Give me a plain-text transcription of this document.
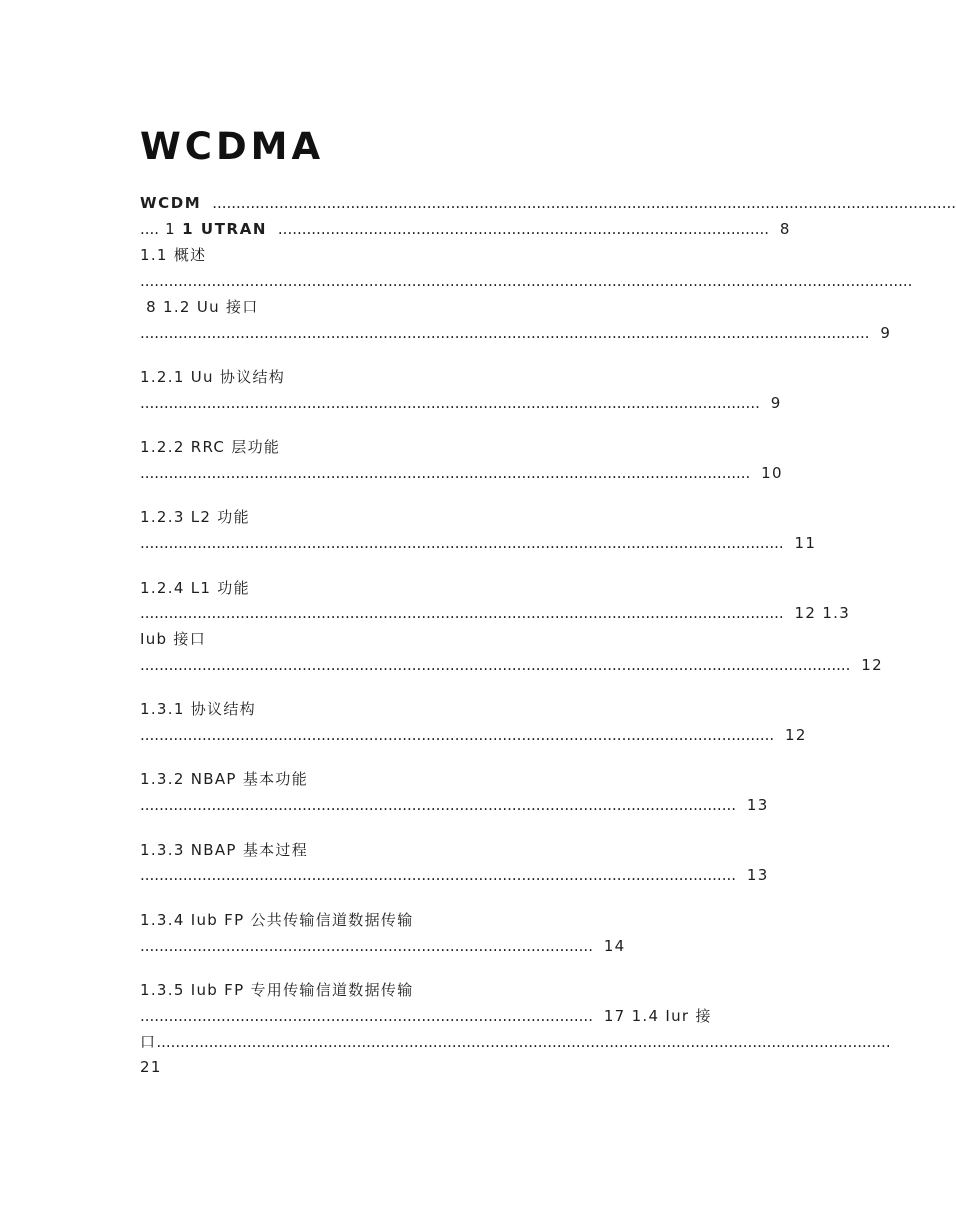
WCDMA
WCDM  ............................................................................................................................................................
.... 1 1 UTRAN  .......................................................................................................  8
1.1 概述
..................................................................................................................................................................
8 1.2 Uu 接口
.........................................................................................................................................................  9
1.2.1 Uu 协议结构
..................................................................................................................................  9
1.2.2 RRC 层功能
................................................................................................................................  10
1.2.3 L2 功能
.......................................................................................................................................  11
1.2.4 L1 功能
.......................................................................................................................................  12 1.3
Iub 接口
.....................................................................................................................................................  12
1.3.1 协议结构
.....................................................................................................................................  12
1.3.2 NBAP 基本功能
.............................................................................................................................  13
1.3.3 NBAP 基本过程
.............................................................................................................................  13
1.3.4 Iub FP 公共传输信道数据传输
...............................................................................................  14
1.3.5 Iub FP 专用传输信道数据传输
...............................................................................................  17 1.4 Iur 接
口..........................................................................................................................................................
21
